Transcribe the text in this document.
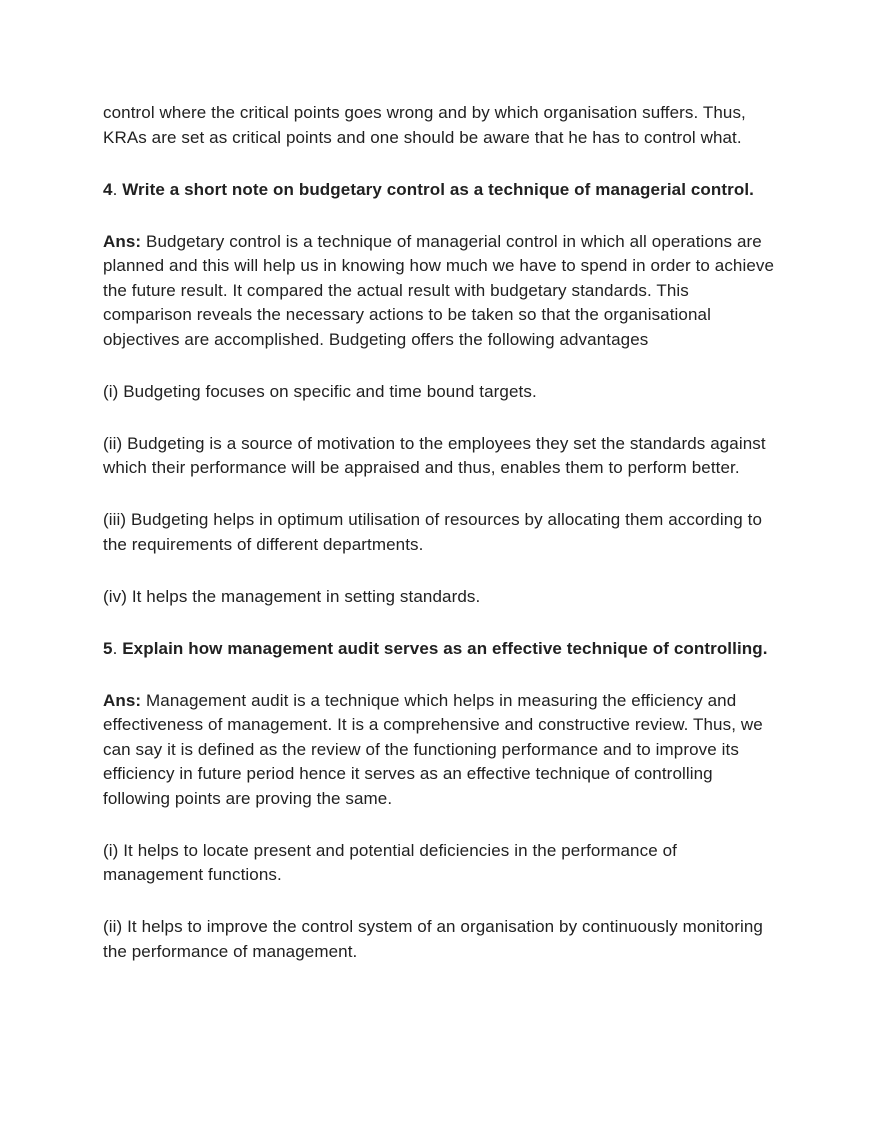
control where the critical points goes wrong and by which organisation suffers. Thus, KRAs are set as critical points and one should be aware that he has to control what.

4. Write a short note on budgetary control as a technique of managerial control.

Ans: Budgetary control is a technique of managerial control in which all operations are planned and this will help us in knowing how much we have to spend in order to achieve the future result. It compared the actual result with budgetary standards. This comparison reveals the necessary actions to be taken so that the organisational objectives are accomplished. Budgeting offers the following advantages

(i) Budgeting focuses on specific and time bound targets.

(ii) Budgeting is a source of motivation to the employees they set the standards against which their performance will be appraised and thus, enables them to perform better.

(iii) Budgeting helps in optimum utilisation of resources by allocating them according to the requirements of different departments.

(iv) It helps the management in setting standards.

5. Explain how management audit serves as an effective technique of controlling.

Ans: Management audit is a technique which helps in measuring the efficiency and effectiveness of management. It is a comprehensive and constructive review. Thus, we can say it is defined as the review of the functioning performance and to improve its efficiency in future period hence it serves as an effective technique of controlling following points are proving the same.

(i) It helps to locate present and potential deficiencies in the performance of management functions.

(ii) It helps to improve the control system of an organisation by continuously monitoring the performance of management.
